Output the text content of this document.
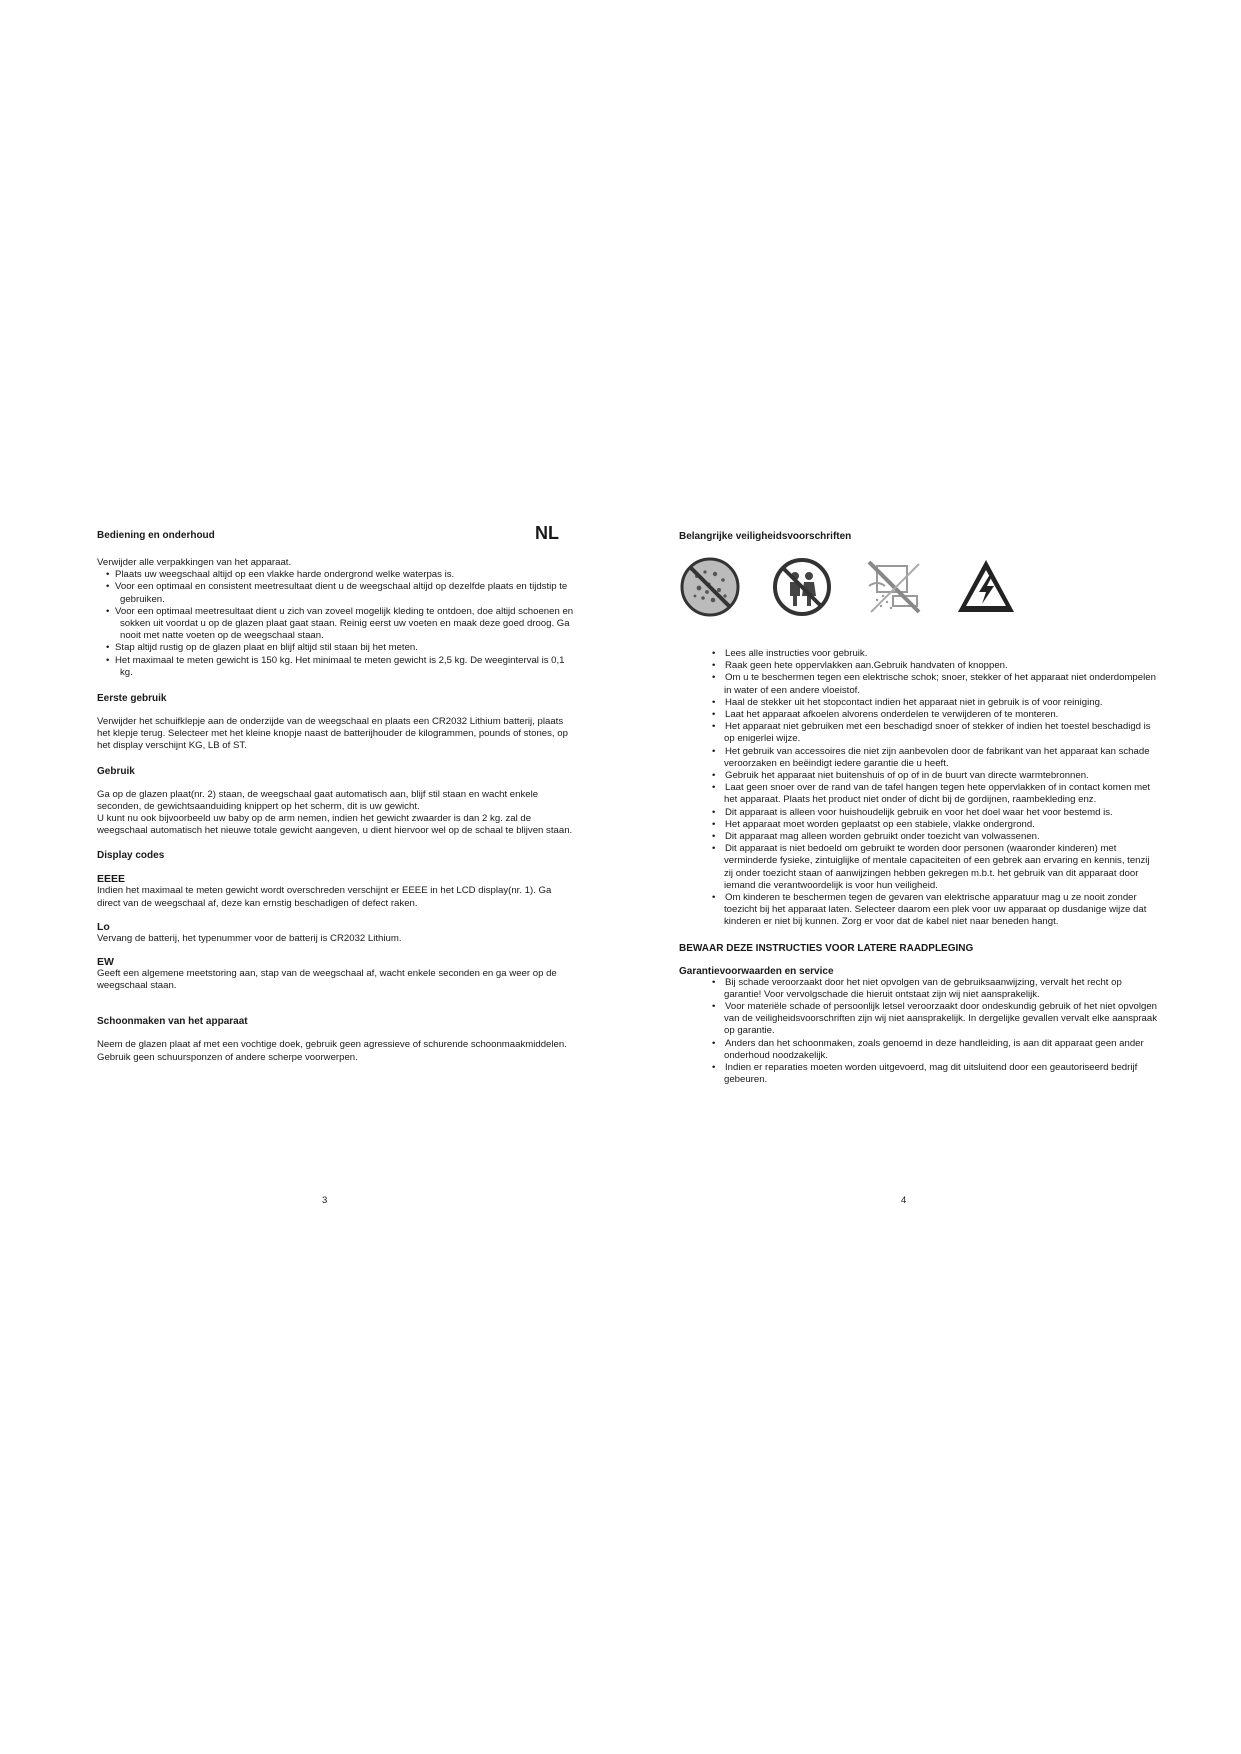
NL

Bediening en onderhoud

Verwijder alle verpakkingen van het apparaat.

• Plaats uw weegschaal altijd op een vlakke harde ondergrond welke waterpas is.
• Voor een optimaal en consistent meetresultaat dient u de weegschaal altijd op dezelfde plaats en tijdstip te gebruiken.
• Voor een optimaal meetresultaat dient u zich van zoveel mogelijk kleding te ontdoen, doe altijd schoenen en sokken uit voordat u op de glazen plaat gaat staan. Reinig eerst uw voeten en maak deze goed droog. Ga nooit met natte voeten op de weegschaal staan.
• Stap altijd rustig op de glazen plaat en blijf altijd stil staan bij het meten.
• Het maximaal te meten gewicht is 150 kg. Het minimaal te meten gewicht is 2,5 kg. De weeginterval is 0,1 kg.

Eerste gebruik

Verwijder het schuifklepje aan de onderzijde van de weegschaal en plaats een CR2032 Lithium batterij, plaats het klepje terug. Selecteer met het kleine knopje naast de batterijhouder de kilogrammen, pounds of stones, op het display verschijnt KG, LB of ST.

Gebruik

Ga op de glazen plaat(nr. 2) staan, de weegschaal gaat automatisch aan, blijf stil staan en wacht enkele seconden, de gewichtsaanduiding knippert op het scherm, dit is uw gewicht.

U kunt nu ook bijvoorbeeld uw baby op de arm nemen, indien het gewicht zwaarder is dan 2 kg. zal de weegschaal automatisch het nieuwe totale gewicht aangeven, u dient hiervoor wel op de schaal te blijven staan.

Display codes

EEEE

Indien het maximaal te meten gewicht wordt overschreden verschijnt er EEEE in het LCD display(nr. 1). Ga direct van de weegschaal af, deze kan ernstig beschadigen of defect raken.

Lo

Vervang de batterij, het typenummer voor de batterij is CR2032 Lithium.

EW

Geeft een algemene meetstoring aan, stap van de weegschaal af, wacht enkele seconden en ga weer op de weegschaal staan.

Schoonmaken van het apparaat

Neem de glazen plaat af met een vochtige doek, gebruik geen agressieve of schurende schoonmaakmiddelen. Gebruik geen schuursponzen of andere scherpe voorwerpen.

3

Belangrijke veiligheidsvoorschriften

• Lees alle instructies voor gebruik.
• Raak geen hete oppervlakken aan.Gebruik handvaten of knoppen.
• Om u te beschermen tegen een elektrische schok; snoer, stekker of het apparaat niet onderdompelen in water of een andere vloeistof.
• Haal de stekker uit het stopcontact indien het apparaat niet in gebruik is of voor reiniging.
• Laat het apparaat afkoelen alvorens onderdelen te verwijderen of te monteren.
• Het apparaat niet gebruiken met een beschadigd snoer of stekker of indien het toestel beschadigd is op enigerlei wijze.
• Het gebruik van accessoires die niet zijn aanbevolen door de fabrikant van het apparaat kan schade veroorzaken en beëindigt iedere garantie die u heeft.
• Gebruik het apparaat niet buitenshuis of op of in de buurt van directe warmtebronnen.
• Laat geen snoer over de rand van de tafel hangen tegen hete oppervlakken of in contact komen met het apparaat. Plaats het product niet onder of dicht bij de gordijnen, raambekleding enz.
• Dit apparaat is alleen voor huishoudelijk gebruik en voor het doel waar het voor bestemd is.
• Het apparaat moet worden geplaatst op een stabiele, vlakke ondergrond.
• Dit apparaat mag alleen worden gebruikt onder toezicht van volwassenen.
• Dit apparaat is niet bedoeld om gebruikt te worden door personen (waaronder kinderen) met verminderde fysieke, zintuiglijke of mentale capaciteiten of een gebrek aan ervaring en kennis, tenzij zij onder toezicht staan of aanwijzingen hebben gekregen m.b.t. het gebruik van dit apparaat door iemand die verantwoordelijk is voor hun veiligheid.
• Om kinderen te beschermen tegen de gevaren van elektrische apparatuur mag u ze nooit zonder toezicht bij het apparaat laten. Selecteer daarom een plek voor uw apparaat op dusdanige wijze dat kinderen er niet bij kunnen. Zorg er voor dat de kabel niet naar beneden hangt.

BEWAAR DEZE INSTRUCTIES VOOR LATERE RAADPLEGING

Garantievoorwaarden en service

• Bij schade veroorzaakt door het niet opvolgen van de gebruiksaanwijzing, vervalt het recht op garantie! Voor vervolgschade die hieruit ontstaat zijn wij niet aansprakelijk.
• Voor materiële schade of persoonlijk letsel veroorzaakt door ondeskundig gebruik of het niet opvolgen van de veiligheidsvoorschriften zijn wij niet aansprakelijk. In dergelijke gevallen vervalt elke aanspraak op garantie.
• Anders dan het schoonmaken, zoals genoemd in deze handleiding, is aan dit apparaat geen ander onderhoud noodzakelijk.
• Indien er reparaties moeten worden uitgevoerd, mag dit uitsluitend door een geautoriseerd bedrijf gebeuren.
4
